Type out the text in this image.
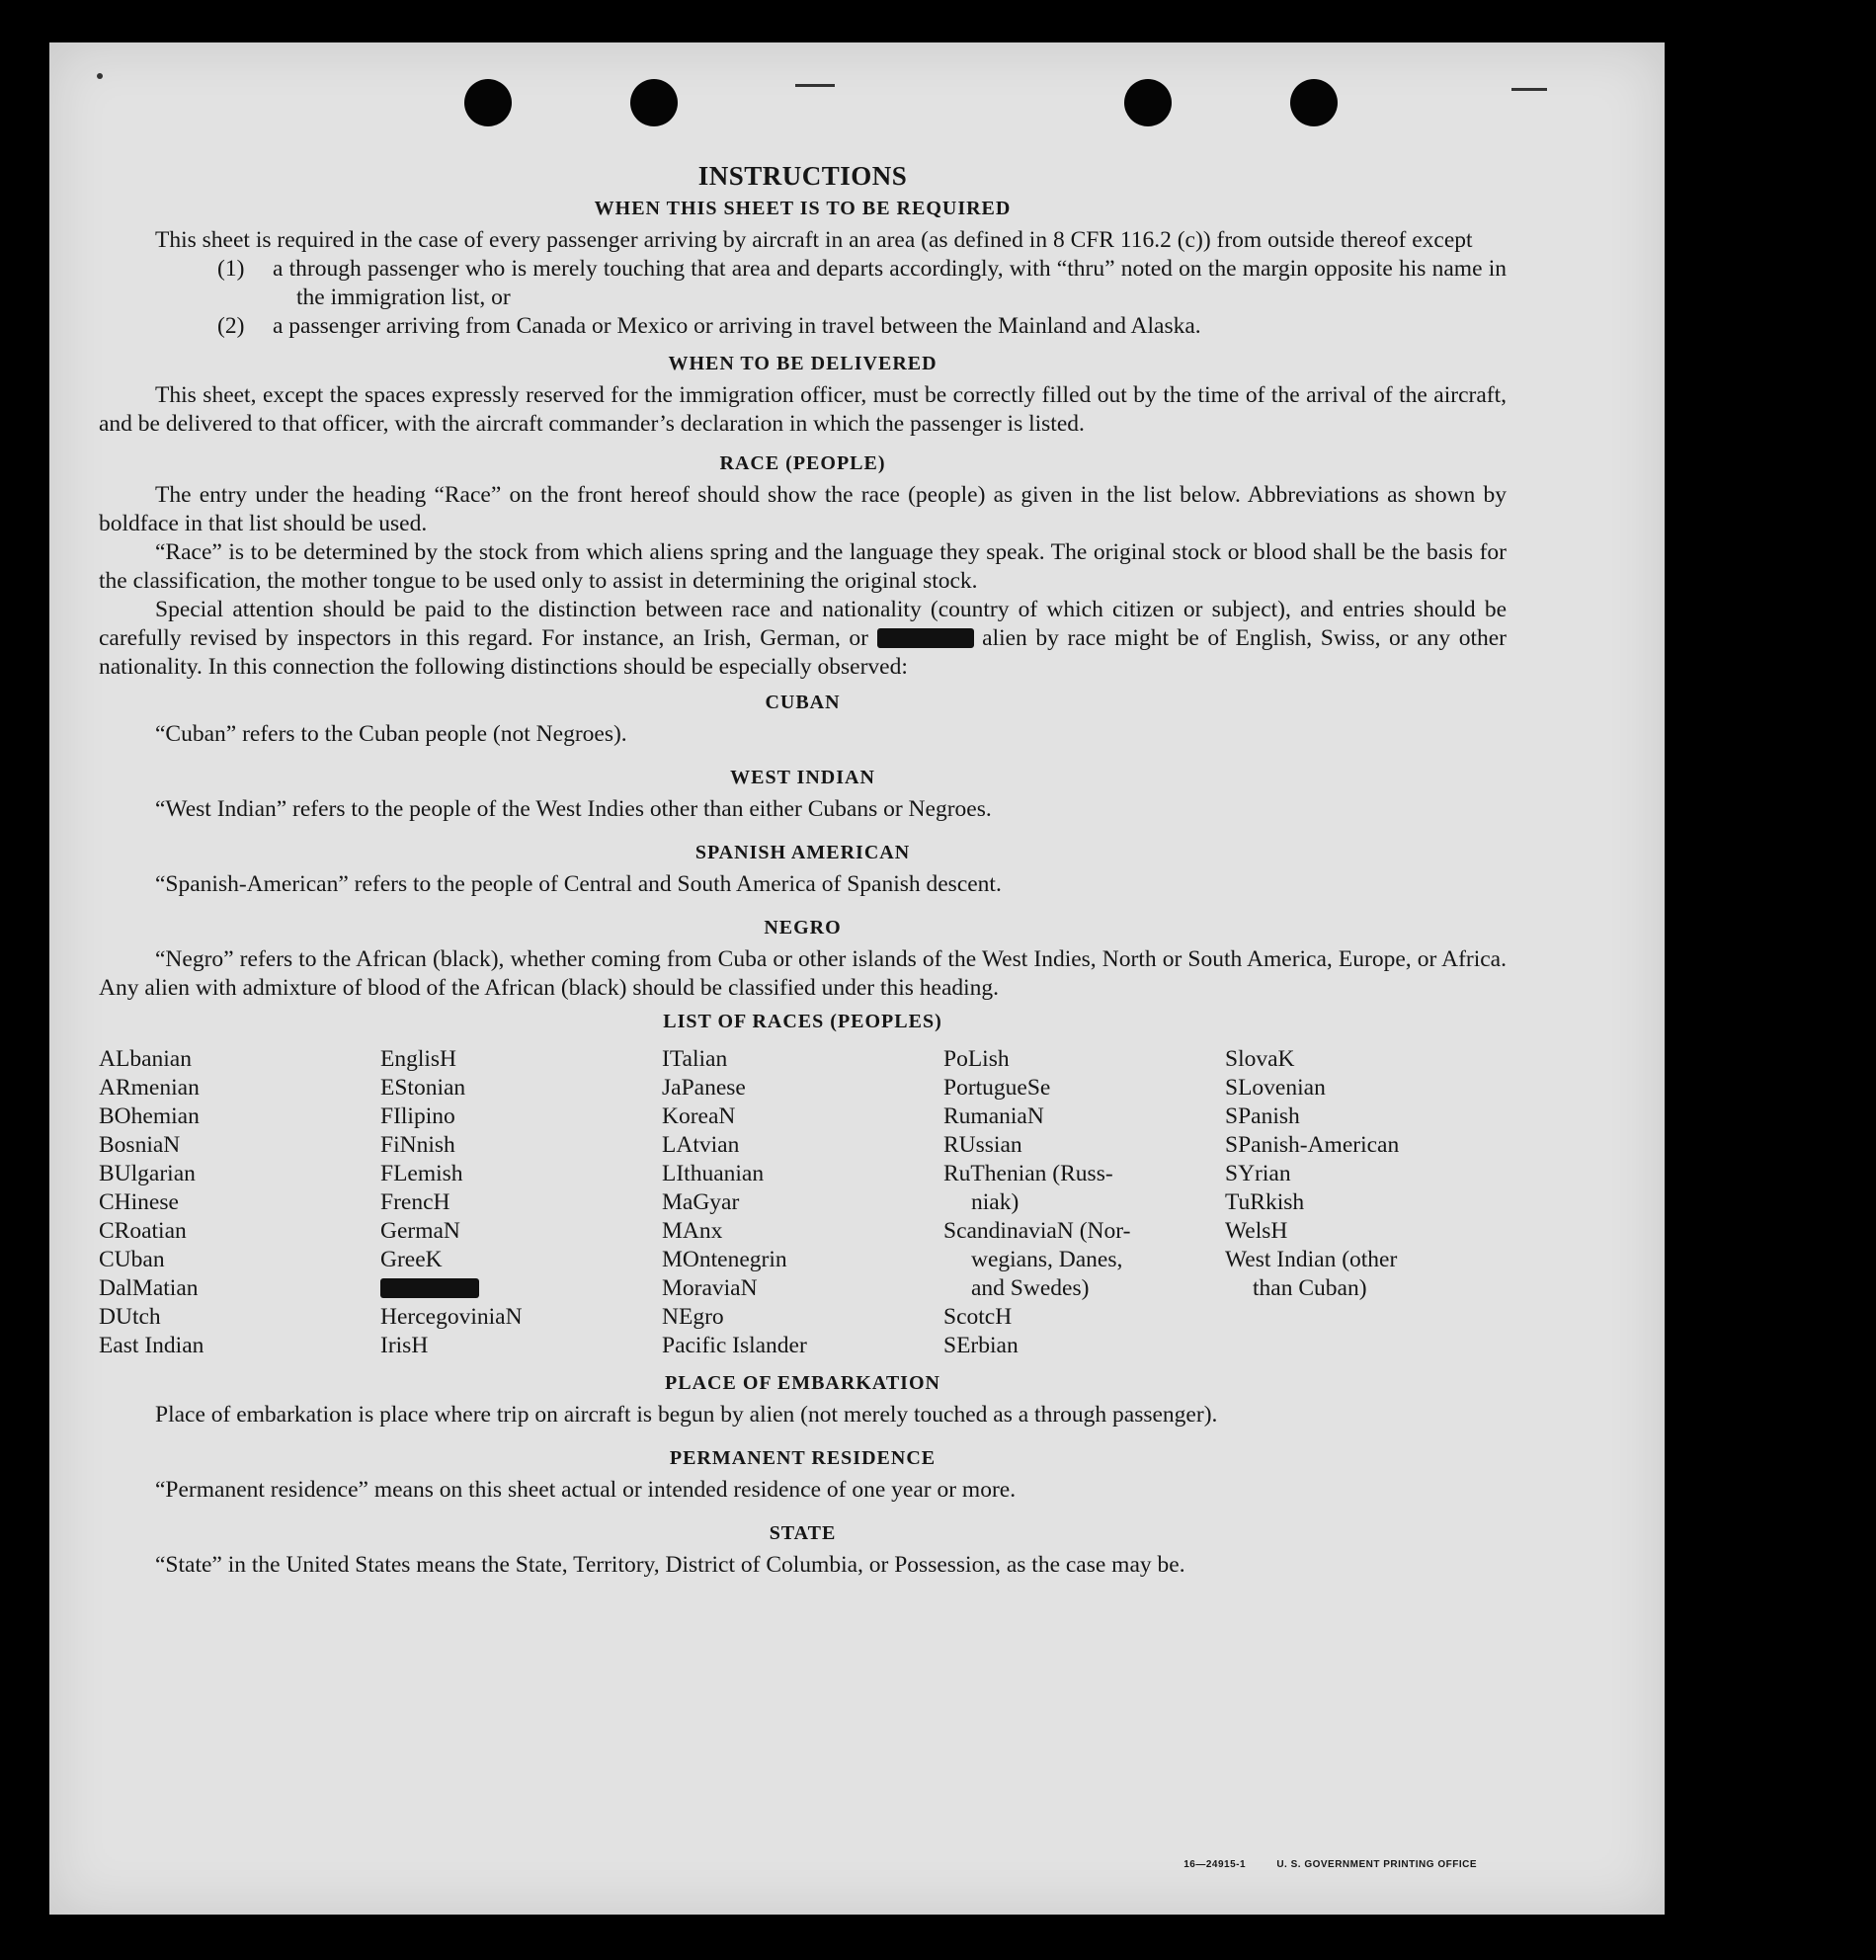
INSTRUCTIONS
WHEN THIS SHEET IS TO BE REQUIRED

This sheet is required in the case of every passenger arriving by aircraft in an area (as defined in 8 CFR 116.2 (c)) from outside thereof except

(1) a through passenger who is merely touching that area and departs accordingly, with “thru” noted on the margin opposite his name in the immigration list, or

(2) a passenger arriving from Canada or Mexico or arriving in travel between the Mainland and Alaska.

WHEN TO BE DELIVERED

This sheet, except the spaces expressly reserved for the immigration officer, must be correctly filled out by the time of the arrival of the aircraft, and be delivered to that officer, with the aircraft commander’s declaration in which the passenger is listed.

RACE (PEOPLE)

The entry under the heading “Race” on the front hereof should show the race (people) as given in the list below. Abbreviations as shown by boldface in that list should be used.

“Race” is to be determined by the stock from which aliens spring and the language they speak. The original stock or blood shall be the basis for the classification, the mother tongue to be used only to assist in determining the original stock.

Special attention should be paid to the distinction between race and nationality (country of which citizen or subject), and entries should be carefully revised by inspectors in this regard. For instance, an Irish, German, or	alien by race might be of English, Swiss, or any other nationality. In this connection the following distinctions should be especially observed:

CUBAN

“Cuban” refers to the Cuban people (not Negroes).

WEST INDIAN

“West Indian” refers to the people of the West Indies other than either Cubans or Negroes.

SPANISH AMERICAN

“Spanish-American” refers to the people of Central and South America of Spanish descent.

NEGRO

“Negro” refers to the African (black), whether coming from Cuba or other islands of the West Indies, North or South America, Europe, or Africa. Any alien with admixture of blood of the African (black) should be classified under this heading.

LIST OF RACES (PEOPLES)
ALbanian
ARmenian
BOhemian
BosniaN
BUlgarian
CHinese
CRoatian
CUban
DalMatian
DUtch
East Indian
EnglisH
EStonian
FIlipino
FiNnish
FLemish
FrencH
GermaN
GreeK
HercegoviniaN
IrisH
ITalian
JaPanese
KoreaN
LAtvian
LIthuanian
MaGyar
MAnx
MOntenegrin
MoraviaN
NEgro
Pacific Islander
PoLish
PortugueSe
RumaniaN
RUssian
RuThenian (Russ-
niak)
ScandinaviaN (Nor-
wegians, Danes,
and Swedes)
ScotcH
SErbian
SlovaK
SLovenian
SPanish
SPanish-American
SYrian
TuRkish
WelsH
West Indian (other
than Cuban)
PLACE OF EMBARKATION

Place of embarkation is place where trip on aircraft is begun by alien (not merely touched as a through passenger).

PERMANENT RESIDENCE

“Permanent residence” means on this sheet actual or intended residence of one year or more.

STATE

“State” in the United States means the State, Territory, District of Columbia, or Possession, as the case may be.

16—24915-1	U. S. GOVERNMENT PRINTING OFFICE
